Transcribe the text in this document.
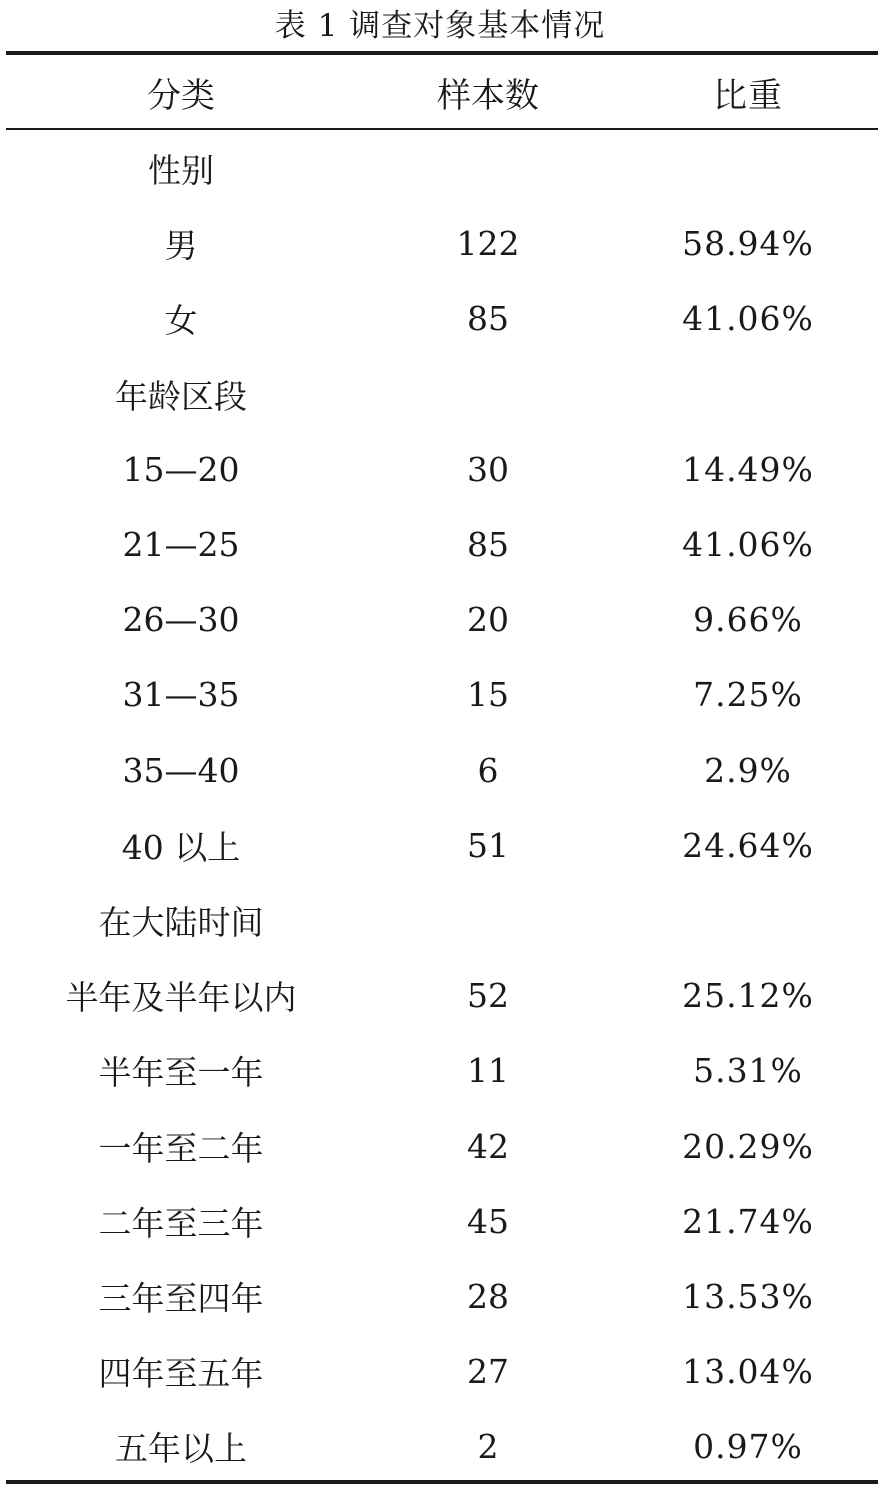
表 1 调查对象基本情况
分类	样本数	比重
性别
男	122	58.94%
女	85	41.06%
年龄区段
15—20	30	14.49%
21—25	85	41.06%
26—30	20	9.66%
31—35	15	7.25%
35—40	6	2.9%
40 以上	51	24.64%
在大陆时间
半年及半年以内	52	25.12%
半年至一年	11	5.31%
一年至二年	42	20.29%
二年至三年	45	21.74%
三年至四年	28	13.53%
四年至五年	27	13.04%
五年以上	2	0.97%
